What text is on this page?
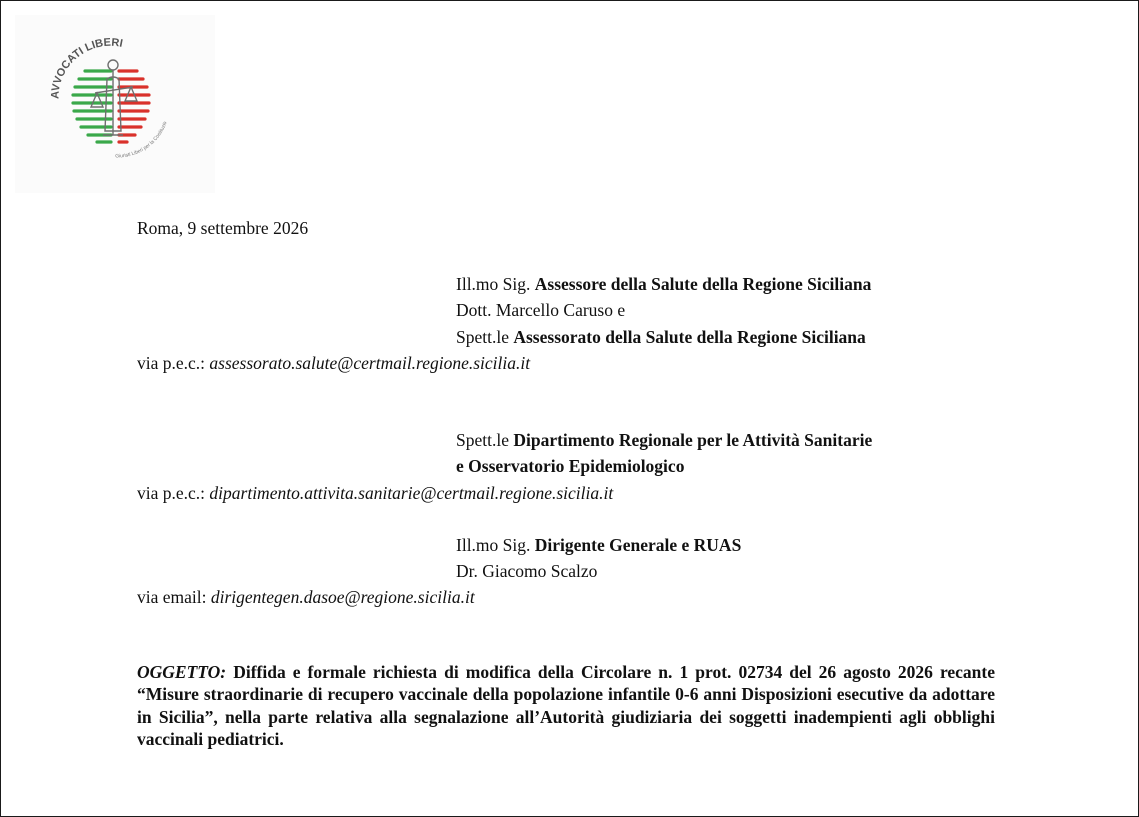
AVVOCATI LIBERI
Giuristi Liberi per la Costituzio
Roma, 9 settembre 2026
Ill.mo Sig. Assessore della Salute della Regione Siciliana
Dott. Marcello Caruso e
Spett.le Assessorato della Salute della Regione Siciliana
via p.e.c.: assessorato.salute@certmail.regione.sicilia.it
Spett.le Dipartimento Regionale per le Attività Sanitarie
e Osservatorio Epidemiologico
via p.e.c.: dipartimento.attivita.sanitarie@certmail.regione.sicilia.it
Ill.mo Sig. Dirigente Generale e RUAS
Dr. Giacomo Scalzo
via email: dirigentegen.dasoe@regione.sicilia.it
OGGETTO: Diffida e formale richiesta di modifica della Circolare n. 1 prot. 02734 del 26 agosto 2026 recante “Misure straordinarie di recupero vaccinale della popolazione infantile 0-6 anni Disposizioni esecutive da adottare in Sicilia”, nella parte relativa alla segnalazione all’Autorità giudiziaria dei soggetti inadempienti agli obblighi vaccinali pediatrici.
